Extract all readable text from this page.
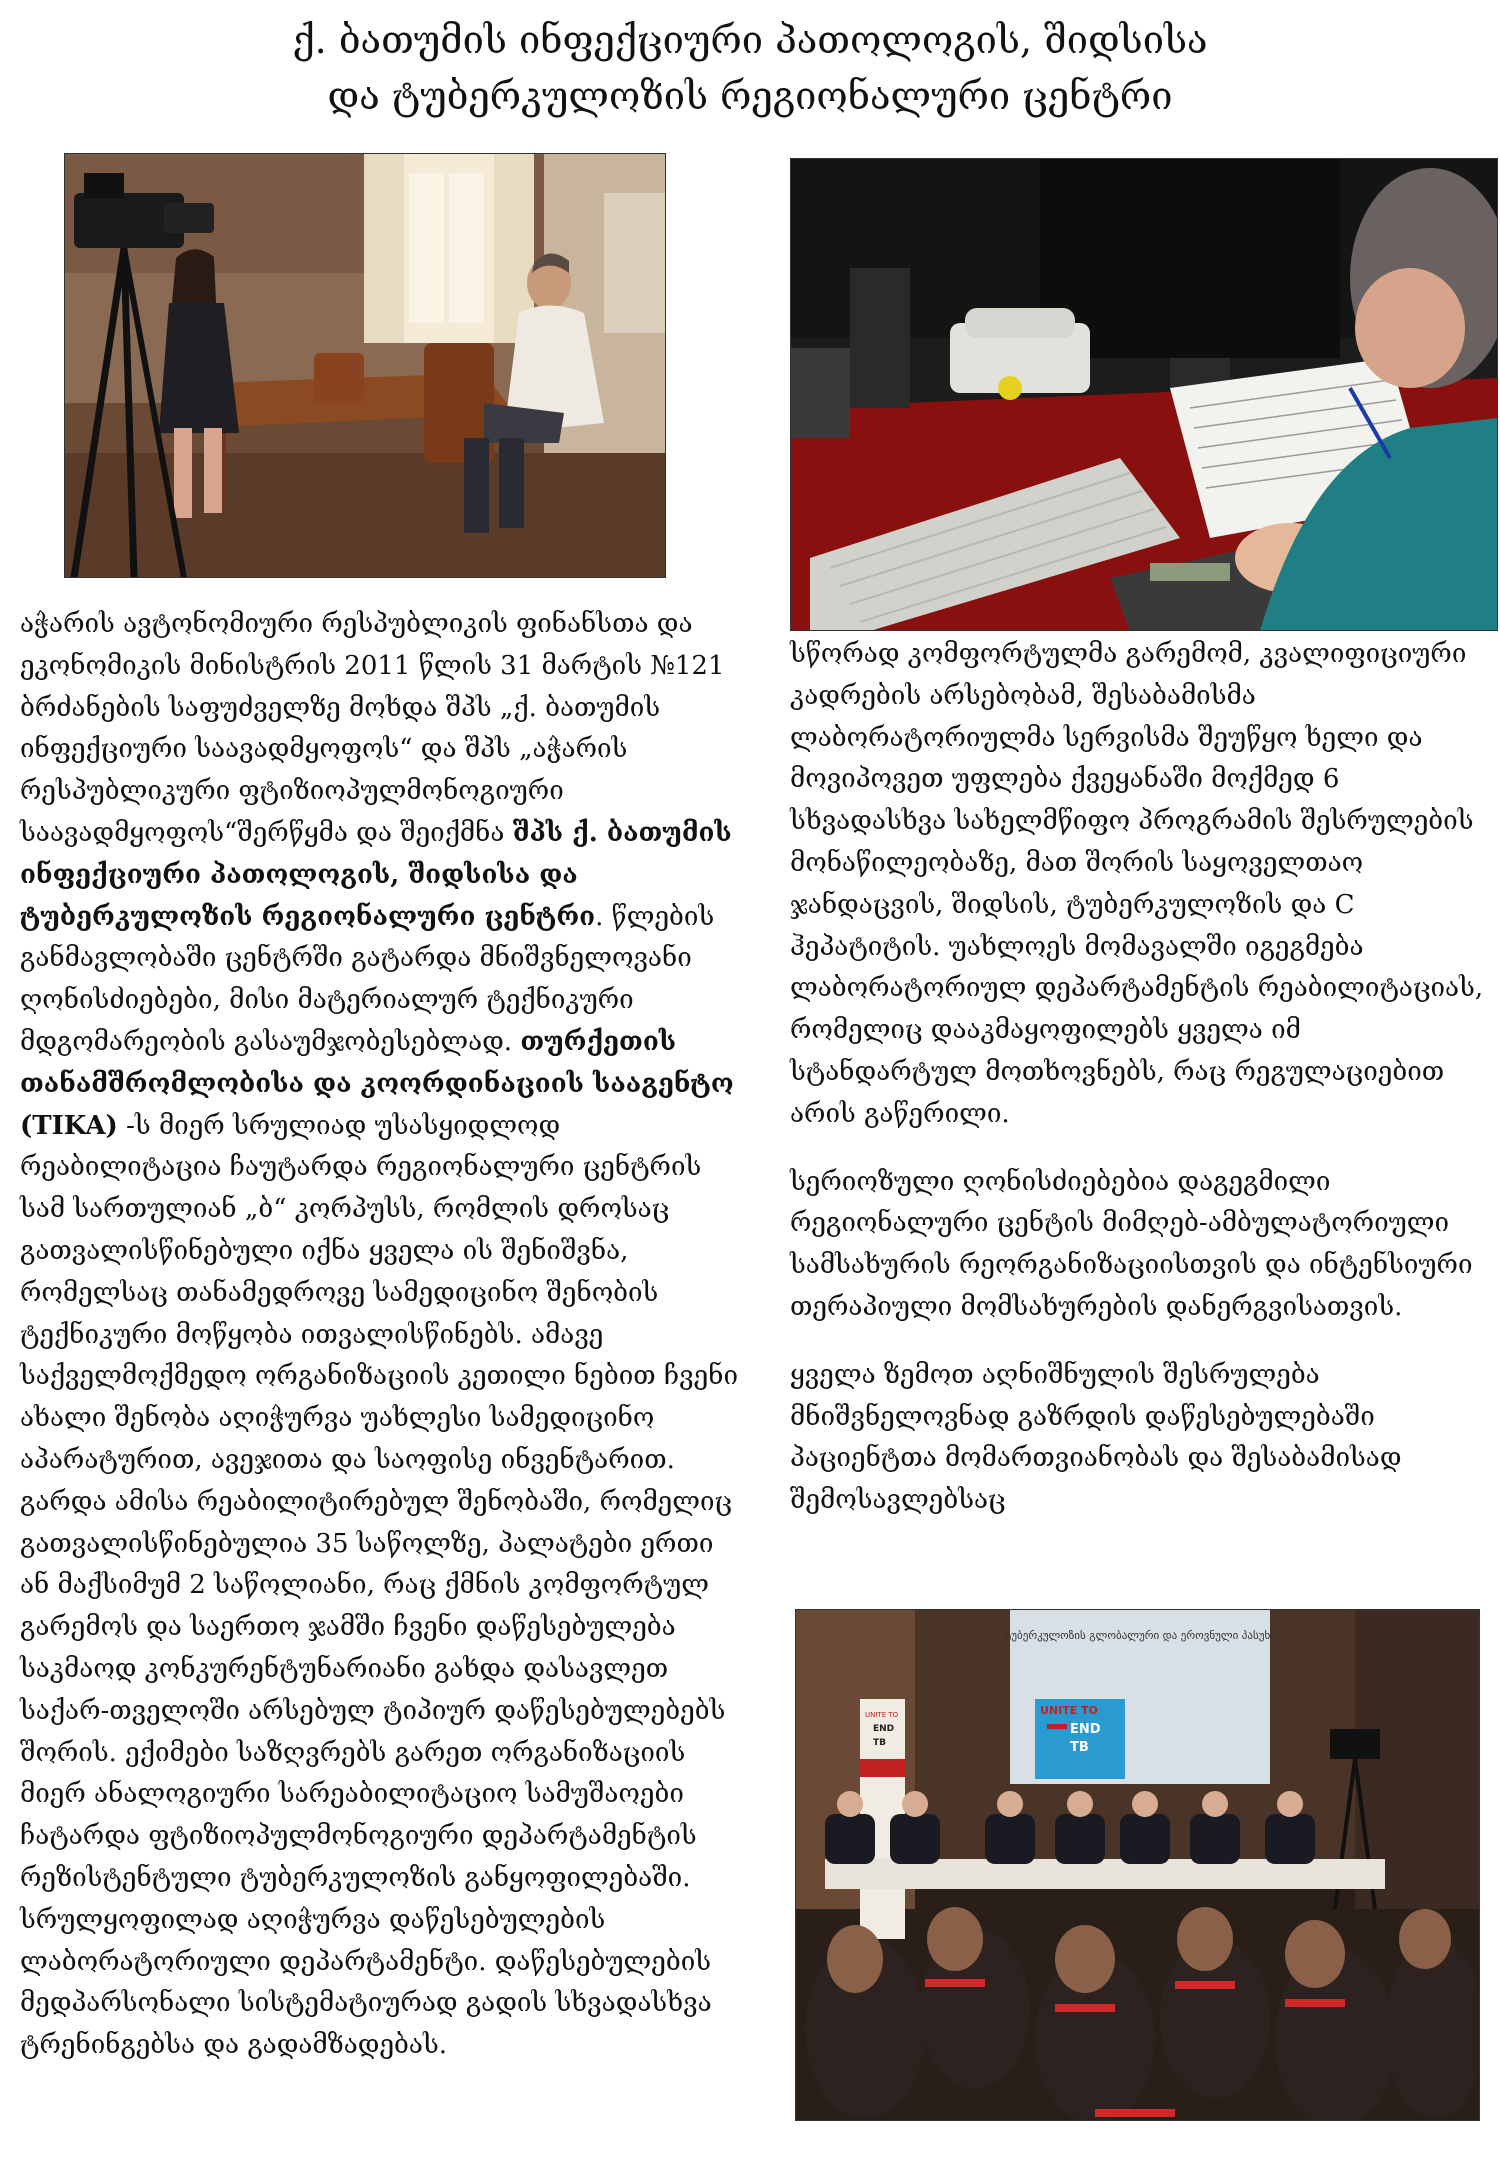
ქ. ბათუმის ინფექციური პათოლოგის, შიდსისა
და ტუბერკულოზის რეგიონალური ცენტრი

აჭარის ავტონომიური რესპუბლიკის ფინანსთა და ეკონომიკის მინისტრის 2011 წლის 31 მარტის №121 ბრძანების საფუძველზე მოხდა შპს „ქ. ბათუმის ინფექციური საავადმყოფოს“ და შპს „აჭარის რესპუბლიკური ფტიზიოპულმონოგიური საავადმყოფოს“შერწყმა და შეიქმნა შპს ქ. ბათუმის ინფექციური პათოლოგის, შიდსისა და ტუბერკულოზის რეგიონალური ცენტრი. წლების განმავლობაში ცენტრში გატარდა მნიშვნელოვანი ღონისძიებები, მისი მატერიალურ ტექნიკური მდგომარეობის გასაუმჯობესებლად. თურქეთის თანამშრომლობისა და კოორდინაციის სააგენტო (TIKA) -ს მიერ სრულიად უსასყიდლოდ რეაბილიტაცია ჩაუტარდა რეგიონალური ცენტრის სამ სართულიან „ბ“ კორპუსს, რომლის დროსაც გათვალისწინებული იქნა ყველა ის შენიშვნა, რომელსაც თანამედროვე სამედიცინო შენობის ტექნიკური მოწყობა ითვალისწინებს. ამავე საქველმოქმედო ორგანიზაციის კეთილი ნებით ჩვენი ახალი შენობა აღიჭურვა უახლესი სამედიცინო აპარატურით, ავეჯითა და საოფისე ინვენტარით. გარდა ამისა რეაბილიტირებულ შენობაში, რომელიც გათვალისწინებულია 35 საწოლზე, პალატები ერთი ან მაქსიმუმ 2 საწოლიანი, რაც ქმნის კომფორტულ გარემოს და საერთო ჯამში ჩვენი დაწესებულება საკმაოდ კონკურენტუნარიანი გახდა დასავლეთ საქარ-თველოში არსებულ ტიპიურ დაწესებულებებს შორის. ექიმები საზღვრებს გარეთ ორგანიზაციის მიერ ანალოგიური სარეაბილიტაციო სამუშაოები ჩატარდა ფტიზიოპულმონოგიური დეპარტამენტის რეზისტენტული ტუბერკულოზის განყოფილებაში. სრულყოფილად აღიჭურვა დაწესებულების ლაბორატორიული დეპარტამენტი. დაწესებულების მედპარსონალი სისტემატიურად გადის სხვადასხვა ტრენინგებსა და გადამზადებას.

სწორად კომფორტულმა გარემომ, კვალიფიციური კადრების არსებობამ, შესაბამისმა ლაბორატორიულმა სერვისმა შეუწყო ხელი და მოვიპოვეთ უფლება ქვეყანაში მოქმედ 6 სხვადასხვა სახელმწიფო პროგრამის შესრულების მონაწილეობაზე, მათ შორის საყოველთაო ჯანდაცვის, შიდსის, ტუბერკულოზის და C ჰეპატიტის. უახლოეს მომავალში იგეგმება ლაბორატორიულ დეპარტამენტის რეაბილიტაციას, რომელიც დააკმაყოფილებს ყველა იმ სტანდარტულ მოთხოვნებს, რაც რეგულაციებით არის გაწერილი.

სერიოზული ღონისძიებებია დაგეგმილი რეგიონალური ცენტის მიმღებ-ამბულატორიული სამსახურის რეორგანიზაციისთვის და ინტენსიური თერაპიული მომსახურების დანერგვისათვის.

ყველა ზემოთ აღნიშნულის შესრულება მნიშვნელოვნად გაზრდის დაწესებულებაში პაციენტთა მომართვიანობას და შესაბამისად შემოსავლებსაც

ტუბერკულოზის გლობალური და ეროვნული პასუხი
UNITE TO
END
TB
UNITE TO
END
TB
